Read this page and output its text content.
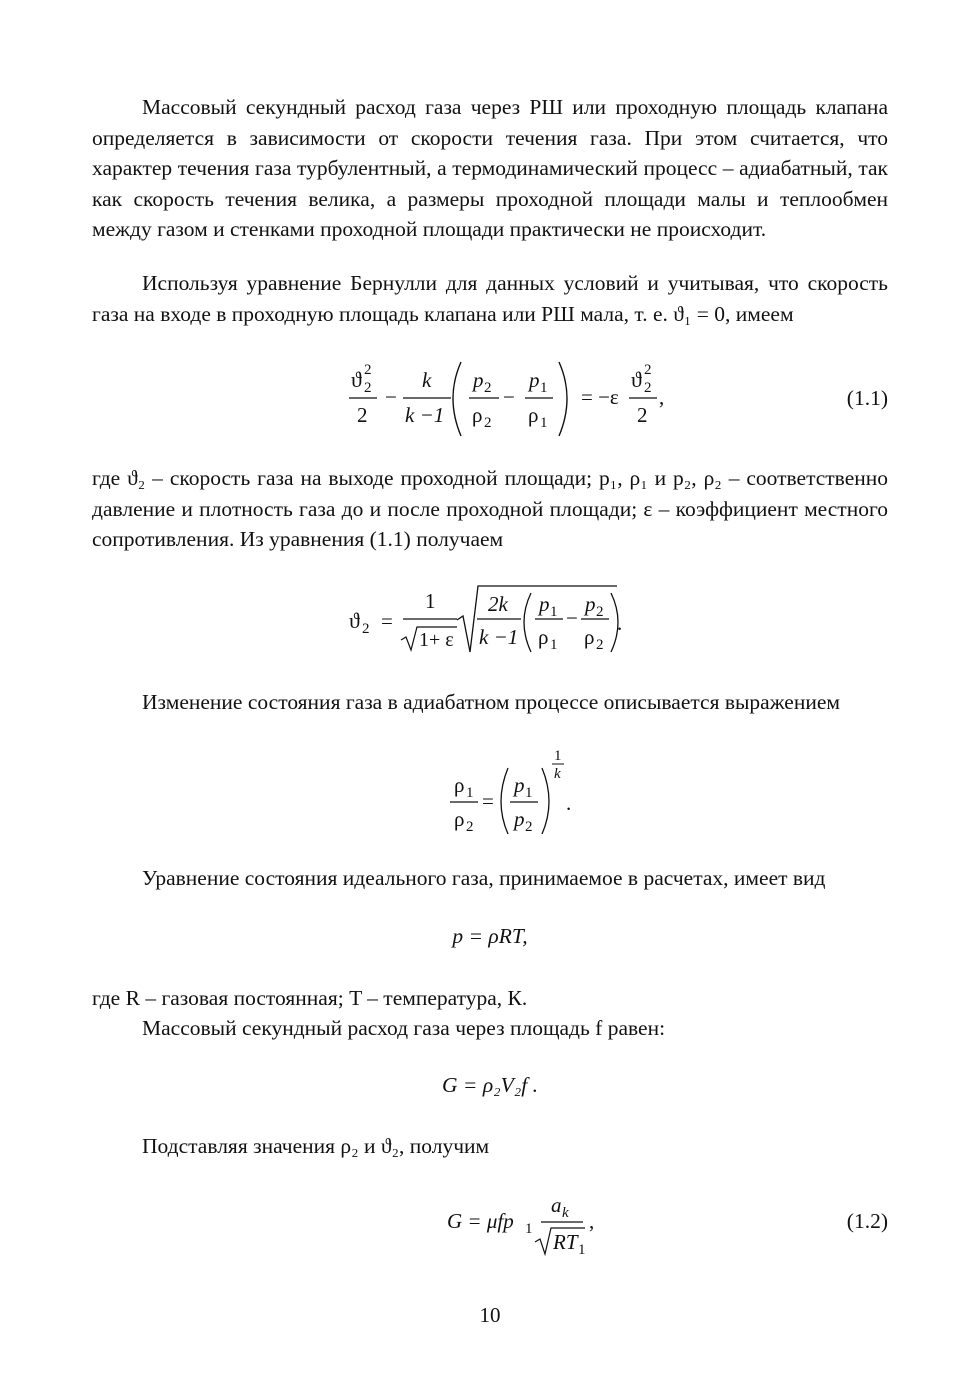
Массовый секундный расход газа через РШ или проходную площадь клапана определяется в зависимости от скорости течения газа. При этом считается, что характер течения газа турбулентный, а термодинамический процесс – адиабатный, так как скорость течения велика, а размеры проходной площади малы и теплообмен между газом и стенками проходной площади практически не происходит.

Используя уравнение Бернулли для данных условий и учитывая, что скорость газа на входе в проходную площадь клапана или РШ мала, т. е. ϑ₁ = 0, имеем

ϑ 2
2
2
−
k
k −1
p 2
ρ 2
−
p 1
ρ 1
= −ε
ϑ 2
2
2
,	(1.1)

где ϑ₂ – скорость газа на выходе проходной площади; p₁, ρ₁ и p₂, ρ₂ – соответственно давление и плотность газа до и после проходной площади; ε – коэффициент местного сопротивления. Из уравнения (1.1) получаем

ϑ 2 =
1
1+ ε
2k
k −1
p 1
ρ 1
−
p 2
ρ 2
.

Изменение состояния газа в адиабатном процессе описывается выражением

ρ 1
ρ 2
=
p 1
p 2
1
k
.

Уравнение состояния идеального газа, принимаемое в расчетах, имеет вид

p = ρRT,

где R – газовая постоянная; T – температура, К.

Массовый секундный расход газа через площадь f равен:

G = ρ₂V₂f .

Подставляя значения ρ₂ и ϑ₂, получим

G = μfp 1
a k
RT 1
,	(1.2)
10
